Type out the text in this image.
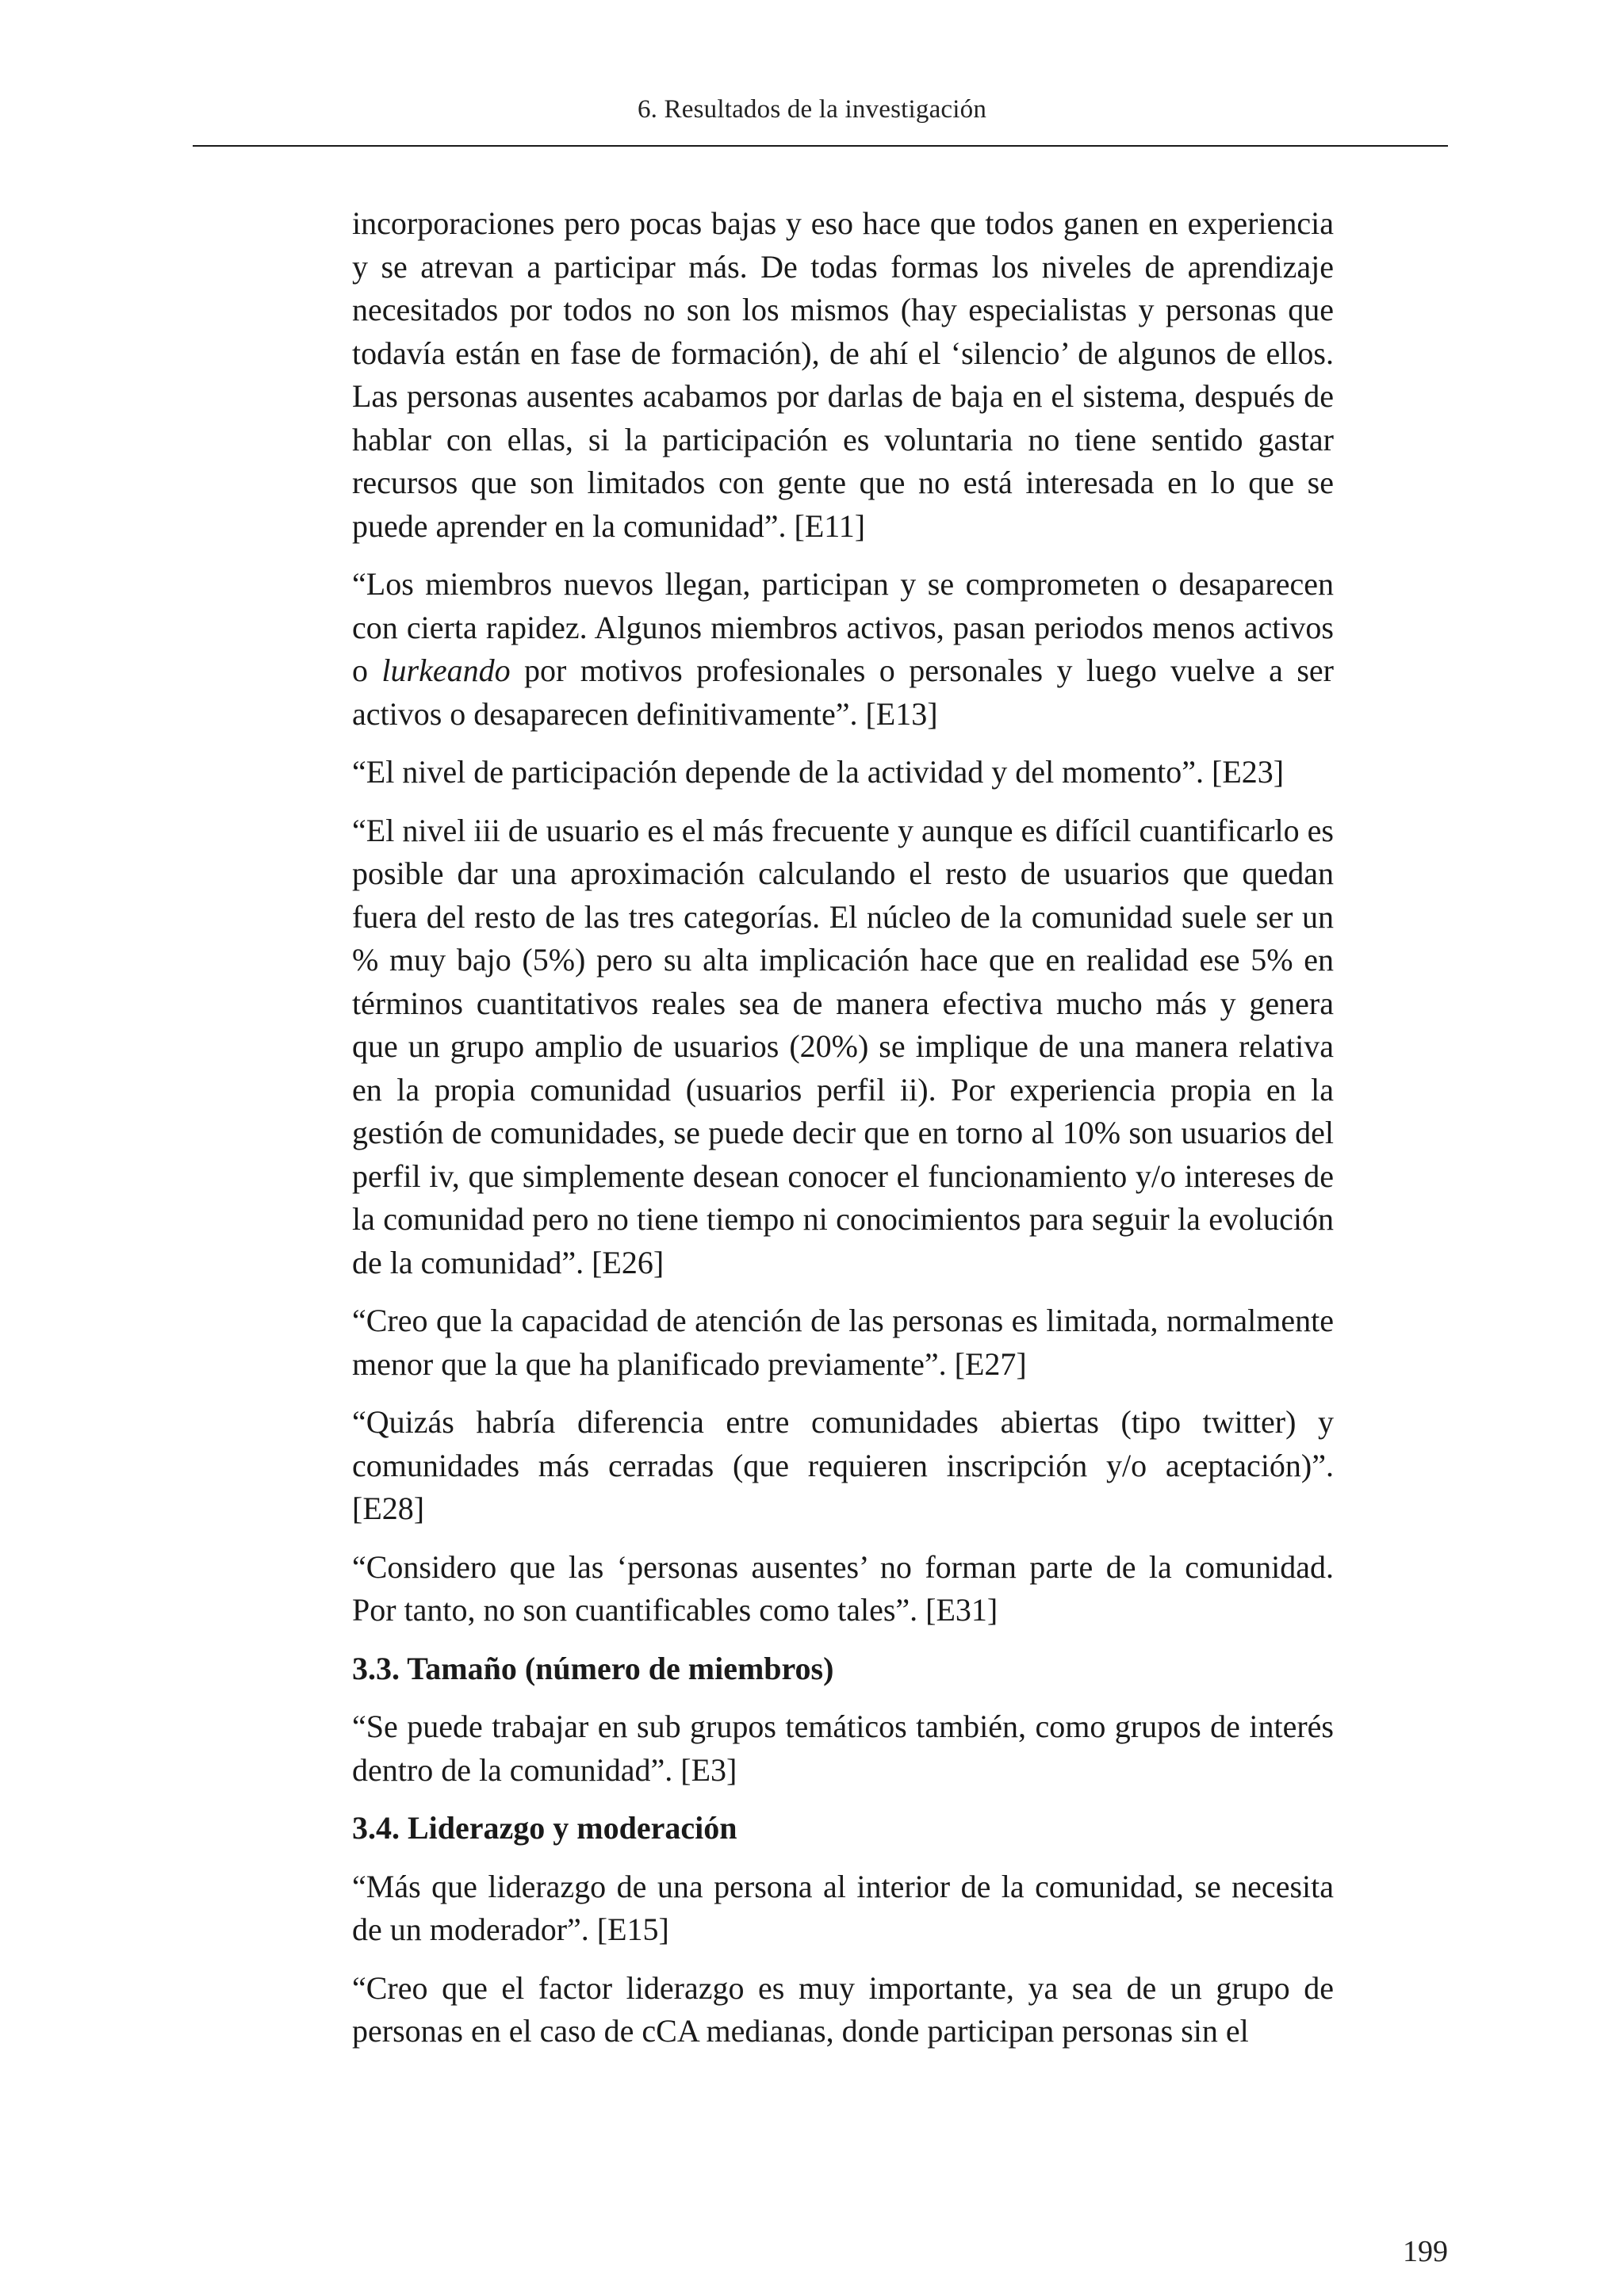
6. Resultados de la investigación

incorporaciones pero pocas bajas y eso hace que todos ganen en experiencia y se atrevan a participar más. De todas formas los niveles de aprendizaje necesitados por todos no son los mismos (hay especialistas y personas que todavía están en fase de formación), de ahí el ‘silencio’ de algunos de ellos. Las personas ausentes acabamos por darlas de baja en el sistema, después de hablar con ellas, si la participación es voluntaria no tiene sentido gastar recursos que son limitados con gente que no está interesada en lo que se puede aprender en la comunidad”. [E11]

“Los miembros nuevos llegan, participan y se comprometen o desaparecen con cierta rapidez. Algunos miembros activos, pasan periodos menos activos o lurkeando por motivos profesionales o personales y luego vuelve a ser activos o desaparecen definitivamente”. [E13]

“El nivel de participación depende de la actividad y del momento”. [E23]

“El nivel iii de usuario es el más frecuente y aunque es difícil cuantificarlo es posible dar una aproximación calculando el resto de usuarios que quedan fuera del resto de las tres categorías. El núcleo de la comunidad suele ser un % muy bajo (5%) pero su alta implicación hace que en realidad ese 5% en términos cuantitativos reales sea de manera efectiva mucho más y genera que un grupo amplio de usuarios (20%) se implique de una manera relativa en la propia comunidad (usuarios perfil ii). Por experiencia propia en la gestión de comunidades, se puede decir que en torno al 10% son usuarios del perfil iv, que simplemente desean conocer el funcionamiento y/o intereses de la comunidad pero no tiene tiempo ni conocimientos para seguir la evolución de la comunidad”. [E26]

“Creo que la capacidad de atención de las personas es limitada, normalmente menor que la que ha planificado previamente”. [E27]

“Quizás habría diferencia entre comunidades abiertas (tipo twitter) y comunidades más cerradas (que requieren inscripción y/o aceptación)”. [E28]

“Considero que las ‘personas ausentes’ no forman parte de la comunidad. Por tanto, no son cuantificables como tales”. [E31]

3.3. Tamaño (número de miembros)

“Se puede trabajar en sub grupos temáticos también, como grupos de interés dentro de la comunidad”. [E3]

3.4. Liderazgo y moderación

“Más que liderazgo de una persona al interior de la comunidad, se necesita de un moderador”. [E15]

“Creo que el factor liderazgo es muy importante, ya sea de un grupo de personas en el caso de cCA medianas, donde participan personas sin el

199
